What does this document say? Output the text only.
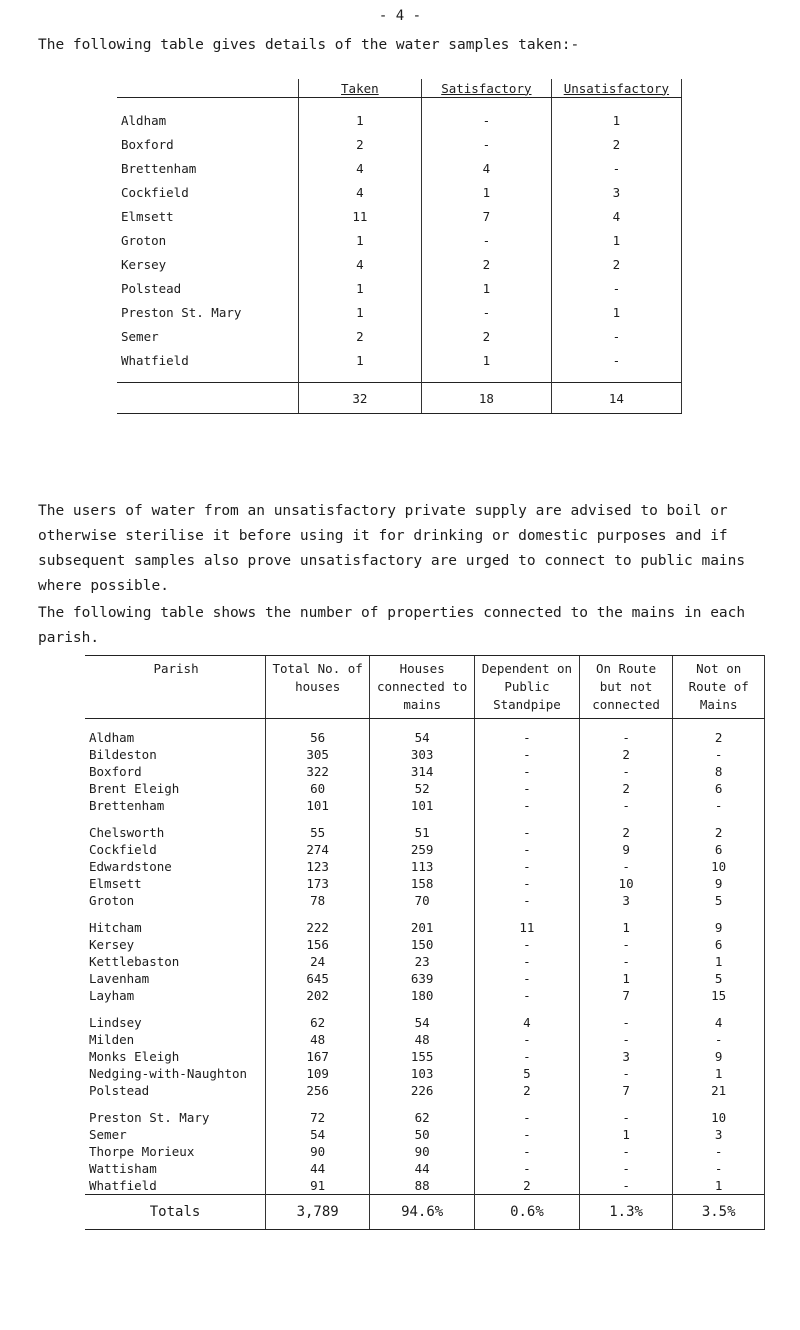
- 4 -
The following table gives details of the water samples taken:-
	Taken	Satisfactory	Unsatisfactory
Aldham	1	-	1
Boxford	2	-	2
Brettenham	4	4	-
Cockfield	4	1	3
Elmsett	11	7	4
Groton	1	-	1
Kersey	4	2	2
Polstead	1	1	-
Preston St. Mary	1	-	1
Semer	2	2	-
Whatfield	1	1	-

	32	18	14
The users of water from an unsatisfactory private supply are advised to boil or otherwise sterilise it before using it for drinking or domestic purposes and if subsequent samples also prove unsatisfactory are urged to connect to public mains where possible.
The following table shows the number of properties connected to the mains in each parish.
Parish	Total No. of houses	Houses connected to mains	Dependent on Public Standpipe	On Route but not connected	Not on Route of Mains
Aldham	56	54	-	-	2
Bildeston	305	303	-	2	-
Boxford	322	314	-	-	8
Brent Eleigh	60	52	-	2	6
Brettenham	101	101	-	-	-
Chelsworth	55	51	-	2	2
Cockfield	274	259	-	9	6
Edwardstone	123	113	-	-	10
Elmsett	173	158	-	10	9
Groton	78	70	-	3	5
Hitcham	222	201	11	1	9
Kersey	156	150	-	-	6
Kettlebaston	24	23	-	-	1
Lavenham	645	639	-	1	5
Layham	202	180	-	7	15
Lindsey	62	54	4	-	4
Milden	48	48	-	-	-
Monks Eleigh	167	155	-	3	9
Nedging-with-Naughton	109	103	5	-	1
Polstead	256	226	2	7	21
Preston St. Mary	72	62	-	-	10
Semer	54	50	-	1	3
Thorpe Morieux	90	90	-	-	-
Wattisham	44	44	-	-	-
Whatfield	91	88	2	-	1
Totals	3,789	94.6%	0.6%	1.3%	3.5%
